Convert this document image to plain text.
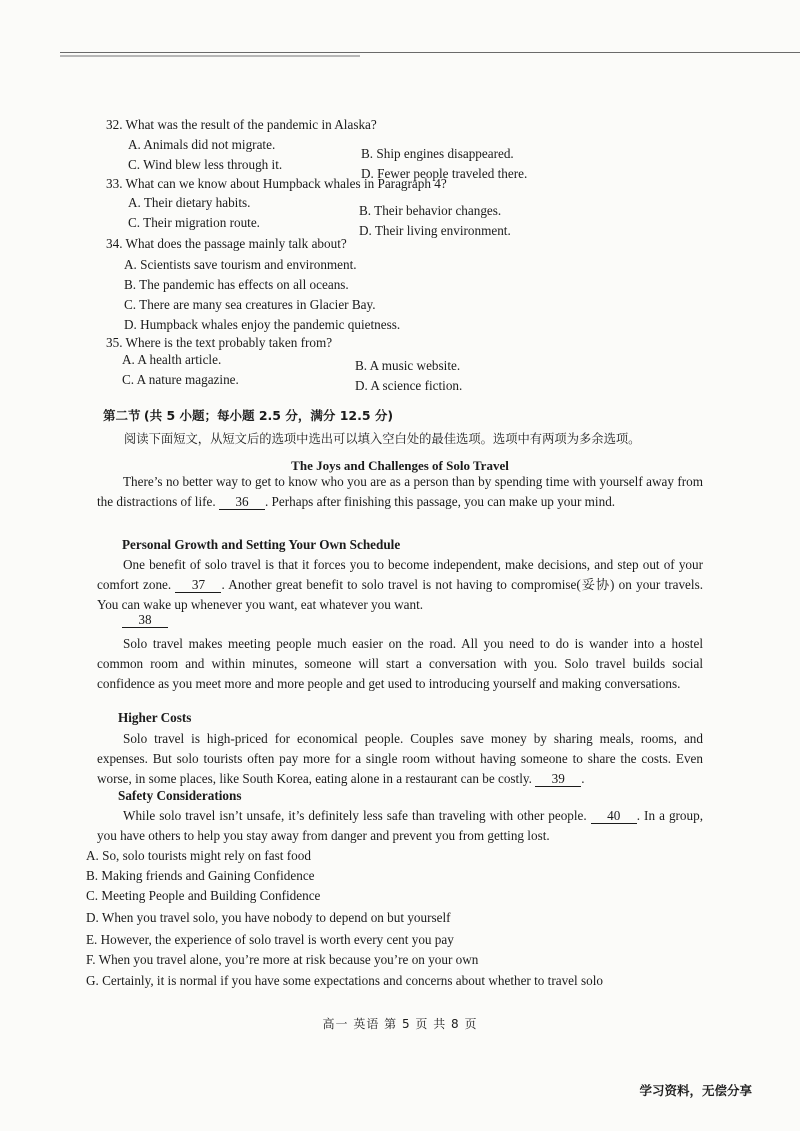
32. What was the result of the pandemic in Alaska?
A. Animals did not migrate.
B. Ship engines disappeared.
C. Wind blew less through it.
D. Fewer people traveled there.
33. What can we know about Humpback whales in Paragraph 4?
A. Their dietary habits.
B. Their behavior changes.
C. Their migration route.
D. Their living environment.
34. What does the passage mainly talk about?
A. Scientists save tourism and environment.
B. The pandemic has effects on all oceans.
C. There are many sea creatures in Glacier Bay.
D. Humpback whales enjoy the pandemic quietness.
35. Where is the text probably taken from?
A. A health article.	B. A music website.
C. A nature magazine.	D. A science fiction.
第二节 (共 5 小题；每小题 2.5 分，满分 12.5 分)
阅读下面短文，从短文后的选项中选出可以填入空白处的最佳选项。选项中有两项为多余选项。
The Joys and Challenges of Solo Travel
There’s no better way to get to know who you are as a person than by spending time with yourself away from the distractions of life. 36 . Perhaps after finishing this passage, you can make up your mind.
Personal Growth and Setting Your Own Schedule
One benefit of solo travel is that it forces you to become independent, make decisions, and step out of your comfort zone. 37 . Another great benefit to solo travel is not having to compromise(妥协) on your travels. You can wake up whenever you want, eat whatever you want.
38
Solo travel makes meeting people much easier on the road. All you need to do is wander into a hostel common room and within minutes, someone will start a conversation with you. Solo travel builds social confidence as you meet more and more people and get used to introducing yourself and making conversations.
Higher Costs
Solo travel is high-priced for economical people. Couples save money by sharing meals, rooms, and expenses. But solo tourists often pay more for a single room without having someone to share the costs. Even worse, in some places, like South Korea, eating alone in a restaurant can be costly. 39 .
Safety Considerations
While solo travel isn’t unsafe, it’s definitely less safe than traveling with other people. 40 . In a group, you have others to help you stay away from danger and prevent you from getting lost.
A. So, solo tourists might rely on fast food
B. Making friends and Gaining Confidence
C. Meeting People and Building Confidence
D. When you travel solo, you have nobody to depend on but yourself
E. However, the experience of solo travel is worth every cent you pay
F. When you travel alone, you’re more at risk because you’re on your own
G. Certainly, it is normal if you have some expectations and concerns about whether to travel solo
高一 英语 第 5 页 共 8 页
学习资料，无偿分享
